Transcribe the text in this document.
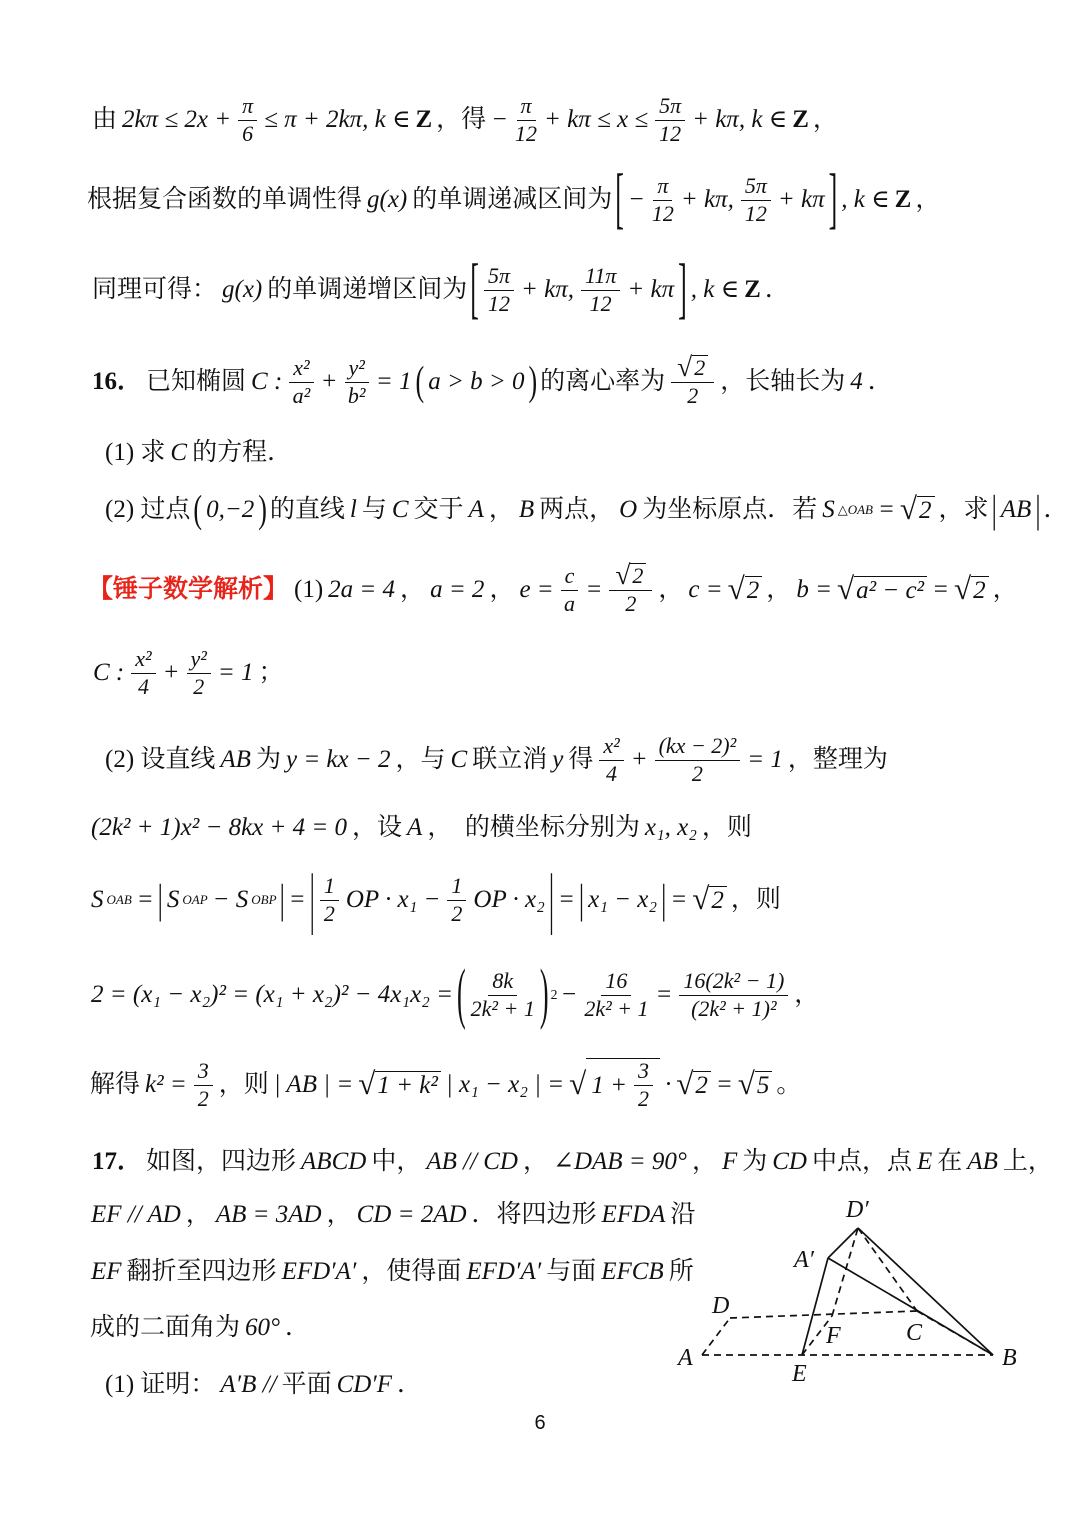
由 $2k\pi \le 2x + \frac{\pi}{6} \le \pi + 2k\pi$, k ∈ Z ，得 − $\frac{\pi}{12} + k\pi \le x \le \frac{5\pi}{12} + k\pi$, k ∈ Z ，
根据复合函数的单调性得 g(x) 的单调递减区间为 [ − $\frac{\pi}{12} + k\pi$, $\frac{5\pi}{12} + k\pi$ ] , k ∈ Z ，
同理可得： g(x) 的单调递增区间为 [ $\frac{5\pi}{12} + k\pi$, $\frac{11\pi}{12} + k\pi$ ] , k ∈ Z ．
16． 已知椭圆 C : $\frac{\text{x²}}{\text{a²}} + \frac{\text{y²}}{\text{b²}} = 1$ ( a > b > 0 ) 的离心率为 $\frac{√ 2}{2}$ ，长轴长为 4 ．
(1) 求 C 的方程．
(2) 过点 ( 0,−2 ) 的直线 l 与 C 交于 A ， B 两点， O 为坐标原点．若 S △OAB = √ 2 ，求 | AB | ．
【锤子数学解析】 (1) 2a = 4 ， a = 2 ， $e = \frac{c}{a} = \frac{√ 2}{2}$ ， c = √ 2 ， b = √ a² − c² = √ 2 ，
C : $\frac{\text{x²}}{4} + \frac{\text{y²}}{2} = 1$ ；
(2) 设直线 AB 为 y = kx − 2 ，与 C 联立消 y 得 $\frac{\text{x²}}{4} + \frac{\text{(kx − 2)²}}{2} = 1$ ，整理为
(2k² + 1)x² − 8kx + 4 = 0 ，设 A ，　的横坐标分别为 x₁, x₂ ，则
S OAB = | S OAP − S OBP | = | $\frac{1}{2}$ OP · $x_1 - \frac{1}{2}$ OP · x₂ | = | x₁ − x₂ | = √ 2 ，则
2 = (x₁ − x₂)² = (x₁ + x₂)² − 4x₁x₂ = ( $\frac{8k}{\text{2k² + 1}}$ ) $2 - \frac{16}{\text{2k² + 1}} = \frac{\text{16(2k² − 1)}}{\text{(2k² + 1)²}}$ ，
解得 $k^2 = \frac{3}{2}$ ，则 | AB | = √ 1 + k² | x₁ − x₂ | = √ $1 + \frac{3}{2}$ · √ 2 = √ 5 。
17． 如图，四边形 ABCD 中， AB // CD ， ∠DAB = 90° ， F 为 CD 中点，点 E 在 AB 上，
EF // AD ， AB = 3AD ， CD = 2AD ．将四边形 EFDA 沿
EF 翻折至四边形 EFD′A′ ，使得面 EFD′A′ 与面 EFCB 所
成的二面角为 60° ．
(1) 证明： A′B // 平面 CD′F ．
D′
A′
D
F	C
A
E
B
6
